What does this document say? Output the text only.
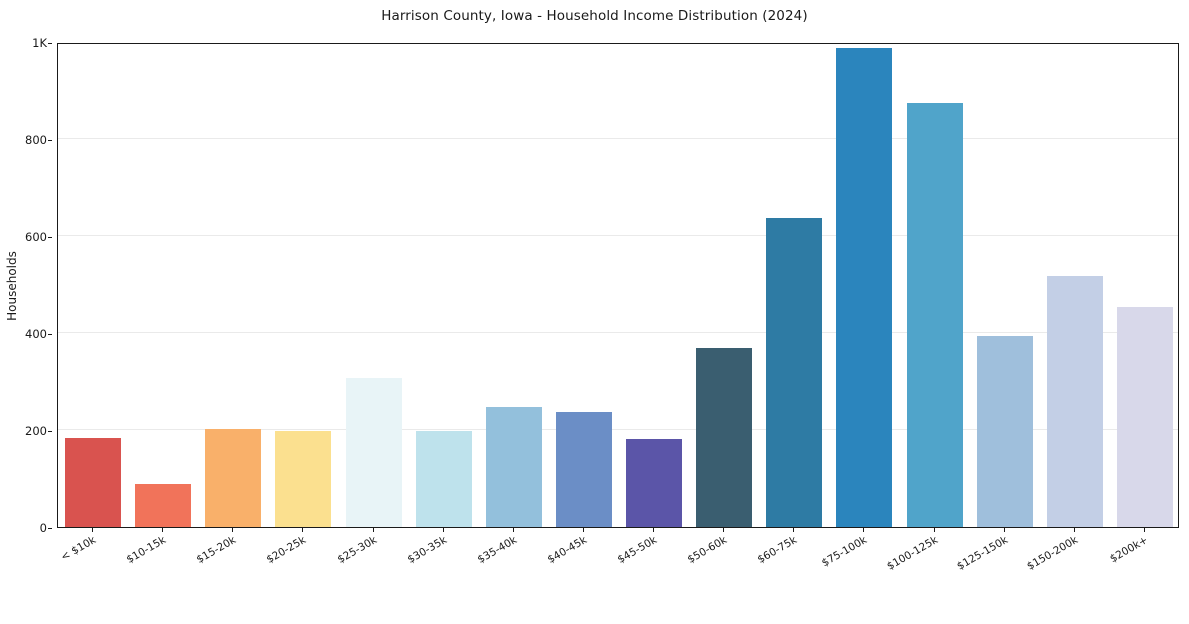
Harrison County, Iowa - Household Income Distribution (2024)
Households
0
200
400
600
800
1K
< $10k	$10-15k	$15-20k	$20-25k	$25-30k	$30-35k	$35-40k	$40-45k	$45-50k	$50-60k	$60-75k	$75-100k	$100-125k	$125-150k	$150-200k	$200k+
